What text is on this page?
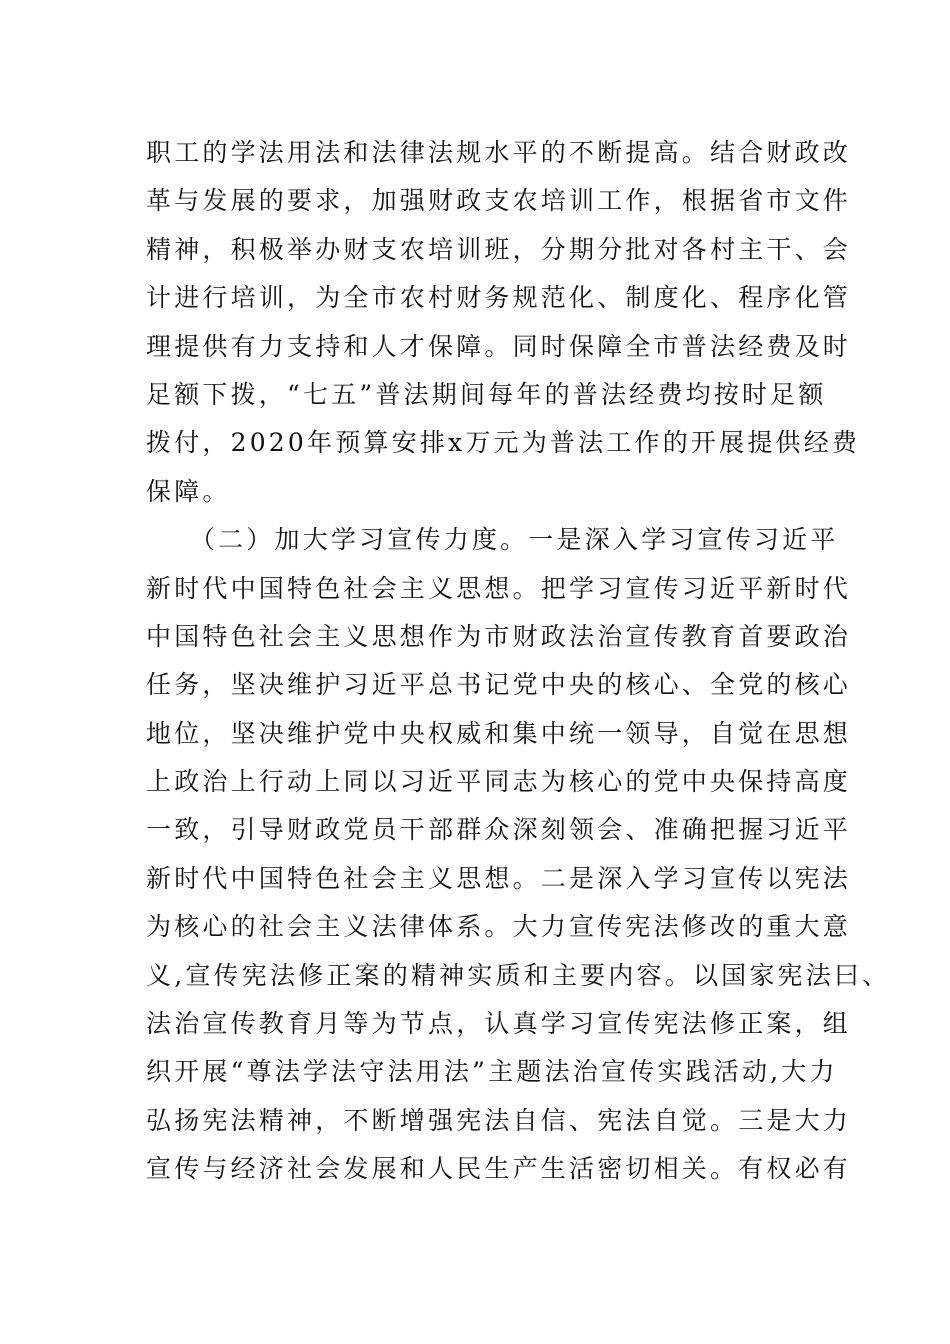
职工的学法用法和法律法规水平的不断提高。结合财政改
革与发展的要求，加强财政支农培训工作，根据省市文件
精神，积极举办财支农培训班，分期分批对各村主干、会
计进行培训，为全市农村财务规范化、制度化、程序化管
理提供有力支持和人才保障。同时保障全市普法经费及时
足额下拨，“七五”普法期间每年的普法经费均按时足额
拨付，2020年预算安排x万元为普法工作的开展提供经费
保障。
　　（二）加大学习宣传力度。一是深入学习宣传习近平
新时代中国特色社会主义思想。把学习宣传习近平新时代
中国特色社会主义思想作为市财政法治宣传教育首要政治
任务，坚决维护习近平总书记党中央的核心、全党的核心
地位，坚决维护党中央权威和集中统一领导，自觉在思想
上政治上行动上同以习近平同志为核心的党中央保持高度
一致，引导财政党员干部群众深刻领会、准确把握习近平
新时代中国特色社会主义思想。二是深入学习宣传以宪法
为核心的社会主义法律体系。大力宣传宪法修改的重大意
义,宣传宪法修正案的精神实质和主要内容。以国家宪法曰、
法治宣传教育月等为节点，认真学习宣传宪法修正案，组
织开展“尊法学法守法用法”主题法治宣传实践活动,大力
弘扬宪法精神，不断增强宪法自信、宪法自觉。三是大力
宣传与经济社会发展和人民生产生活密切相关。有权必有
